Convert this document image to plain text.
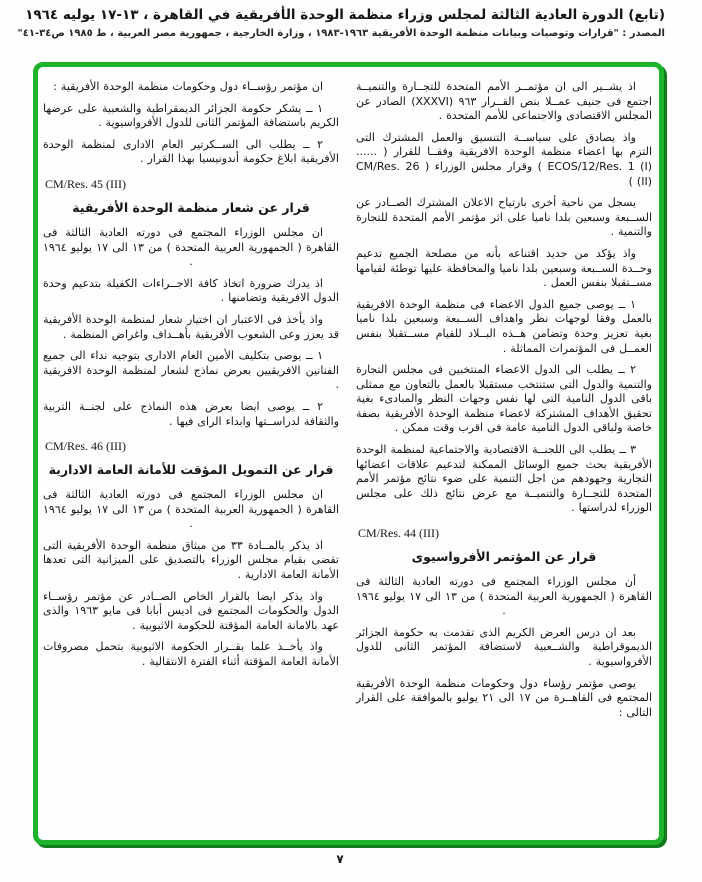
(تابع) الدورة العادية الثالثة لمجلس وزراء منظمة الوحدة الأفريقية في القاهرة ، ١٣-١٧ يوليه ١٩٦٤
المصدر : "قرارات وتوصيات وبيانات منظمة الوحدة الأفريقية ١٩٦٣-١٩٨٣ ، وزارة الخارجية ، جمهورية مصر العربية ، ط ١٩٨٥ ص٣٤-٤١"

اذ يشــير الى ان مؤتمــر الأمم المتحدة للتجــارة والتنميــة اجتمع فى جنيف عمــلا بنص القــرار ٩٦٣ ‎(XXXVI)‎ الصادر عن المجلس الاقتصادى والاجتماعى للأمم المتحدة .

واذ يصادق على سياســة التنسيق والعمل المشترك التى التزم بها اعضاء منظمة الوحدة الافريقية وفقــا للقرار ( ...... ‎ECOS/12/Res. 1 (I)‎ ) وقرار مجلس الوزراء ( ‎CM/Res. 26 (II)‎ )

يسجل من ناحية أخرى بارتياح الاعلان المشترك الصــادر عن الســبعة وسبعين بلدا ناميا على اثر مؤتمر الأمم المتحدة للتجارة والتنمية .

واذ يؤكد من جديد اقتناعه بأنه من مصلحة الجميع تدعيم وحــدة الســبعة وسبعين بلدا ناميا والمحافظة عليها توطئة لقيامها مســتقبلا بنفس العمل .

١ ــ يوصى جميع الدول الاعضاء فى منظمة الوحدة الافريقية بالعمل وفقا لوجهات نظر واهداف الســبعة وسبعين بلدا ناميا بغية تعزيز وحدة وتضامن هــذه البــلاد للقيام مســتقبلا بنفس العمــل فى المؤتمرات المماثلة .

٢ ــ يطلب الى الدول الاعضاء المنتخبين فى مجلس التجارة والتنمية والدول التى ستنتخب مستقبلا بالعمل بالتعاون مع ممثلى باقى الدول النامية التى لها نفس وجهات النظر والمبادىء بغية تحقيق الأهداف المشتركة لاعضاء منظمة الوحدة الأفريقية بصفة خاصة ولباقى الدول النامية عامة فى اقرب وقت ممكن .

٣ ــ يطلب الى اللجنــة الاقتصادية والاجتماعية لمنظمة الوحدة الأفريقية بحث جميع الوسائل الممكنة لتدعيم علاقات اعضائها التجارية وجهودهم من اجل التنمية على ضوء نتائج مؤتمر الأمم المتحدة للتجــارة والتنميــة مع عرض نتائج ذلك على مجلس الوزراء لدراستها .

CM/Res. 44 (III)
قرار عن المؤتمر الأفرواسيوى

أن مجلس الوزراء المجتمع فى دورته العادية الثالثة فى القاهرة ( الجمهورية العربية المتحدة ) من ١٣ الى ١٧ يوليو ١٩٦٤ .

بعد ان درس العرض الكريم الذى تقدمت به حكومة الجزائر الديموقراطية والشــعبية لاستضافة المؤتمر الثانى للدول الأفرواسيوية .

يوصى مؤتمر رؤساء دول وحكومات منظمة الوحدة الأفريقية المجتمع فى القاهــرة من ١٧ الى ٢١ يوليو بالموافقة على القرار التالى :

ان مؤتمر رؤســاء دول وحكومات منظمة الوحدة الأفريقية :

١ ــ يشكر حكومة الجزائر الديمقراطية والشعبية على عرضها الكريم باستضافة المؤتمر الثانى للدول الأفرواسيوية .

٢ ــ يطلب الى الســكرتير العام الادارى لمنظمة الوحدة الأفريقية ابلاغ حكومة أندونيسيا بهذا القرار .

CM/Res. 45 (III)
قرار عن شعار منظمة الوحدة الأفريقية

ان مجلس الوزراء المجتمع فى دورته العادية الثالثة فى القاهرة ( الجمهورية العربية المتحدة ) من ١٣ الى ١٧ يوليو ١٩٦٤ .

اذ يدرك ضرورة اتخاذ كافة الاجــراءات الكفيلة بتدعيم وحدة الدول الافريقية وتضامنها .

واذ يأخذ فى الاعتبار ان اختيار شعار لمنظمة الوحدة الأفريقية قد يعزز وعى الشعوب الأفريقية بأهــداف واغراض المنظمة .

١ ــ يوصى بتكليف الأمين العام الادارى بتوجيه نداء الى جميع الفنانين الافريقيين بعرض نماذج لشعار لمنظمة الوحدة الافريقية .

٢ ــ يوصى ايضا بعرض هذه النماذج على لجنــة التربية والثقافة لدراســتها وابداء الراى فيها .

CM/Res. 46 (III)
قرار عن التمويل المؤقت للأمانة العامة الادارية

ان مجلس الوزراء المجتمع فى دورته العادية الثالثة فى القاهرة ( الجمهورية العربية المتحدة ) من ١٣ الى ١٧ يوليو ١٩٦٤ .

اذ يذكر بالمــادة ٣٣ من ميثاق منظمة الوحدة الأفريقية التى تقضى بقيام مجلس الوزراء بالتصديق على الميزانية التى تعدها الأمانة العامة الادارية .

واذ يذكر ايضا بالقرار الخاص الصــادر عن مؤتمر رؤســاء الدول والحكومات المجتمع فى اديس أبابا فى مايو ١٩٦٣ والذى عهد بالامانة العامة المؤقتة للحكومة الاثيوبية .

واذ يأخــذ علما بقــرار الحكومة الاثيوبية بتحمل مصروفات الأمانة العامة المؤقتة أثناء الفترة الانتقالية .

٧
